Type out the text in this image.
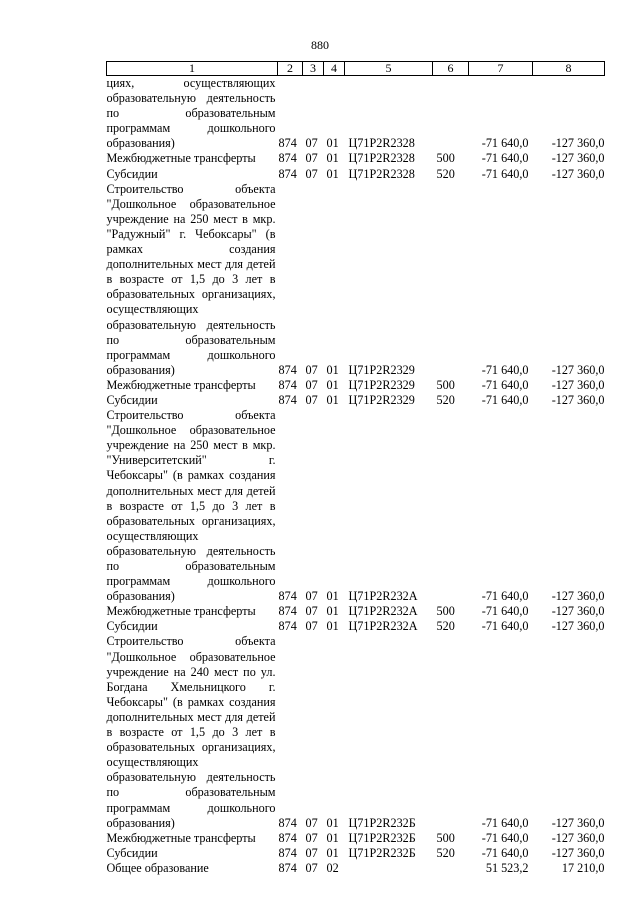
880
1	2	3	4	5	6	7	8
циях, осуществляющих образовательную деятельность по образовательным программам дошкольного образования)	874	07	01	Ц71Р2R2328		-71 640,0	-127 360,0
Межбюджетные трансферты	874	07	01	Ц71Р2R2328	500	-71 640,0	-127 360,0
Субсидии	874	07	01	Ц71Р2R2328	520	-71 640,0	-127 360,0
Строительство объекта "Дошкольное образовательное учреждение на 250 мест в мкр. "Радужный" г. Чебоксары" (в рамках создания дополнительных мест для детей в возрасте от 1,5 до 3 лет в образовательных организациях, осуществляющих образовательную деятельность по образовательным программам дошкольного образования)	874	07	01	Ц71Р2R2329		-71 640,0	-127 360,0
Межбюджетные трансферты	874	07	01	Ц71Р2R2329	500	-71 640,0	-127 360,0
Субсидии	874	07	01	Ц71Р2R2329	520	-71 640,0	-127 360,0
Строительство объекта "Дошкольное образовательное учреждение на 250 мест в мкр. "Университетский" г. Чебоксары" (в рамках создания дополнительных мест для детей в возрасте от 1,5 до 3 лет в образовательных организациях, осуществляющих образовательную деятельность по образовательным программам дошкольного образования)	874	07	01	Ц71Р2R232А		-71 640,0	-127 360,0
Межбюджетные трансферты	874	07	01	Ц71Р2R232А	500	-71 640,0	-127 360,0
Субсидии	874	07	01	Ц71Р2R232А	520	-71 640,0	-127 360,0
Строительство объекта "Дошкольное образовательное учреждение на 240 мест по ул. Богдана Хмельницкого г. Чебоксары" (в рамках создания дополнительных мест для детей в возрасте от 1,5 до 3 лет в образовательных организациях, осуществляющих образовательную деятельность по образовательным программам дошкольного образования)	874	07	01	Ц71Р2R232Б		-71 640,0	-127 360,0
Межбюджетные трансферты	874	07	01	Ц71Р2R232Б	500	-71 640,0	-127 360,0
Субсидии	874	07	01	Ц71Р2R232Б	520	-71 640,0	-127 360,0
Общее образование	874	07	02			51 523,2	17 210,0
